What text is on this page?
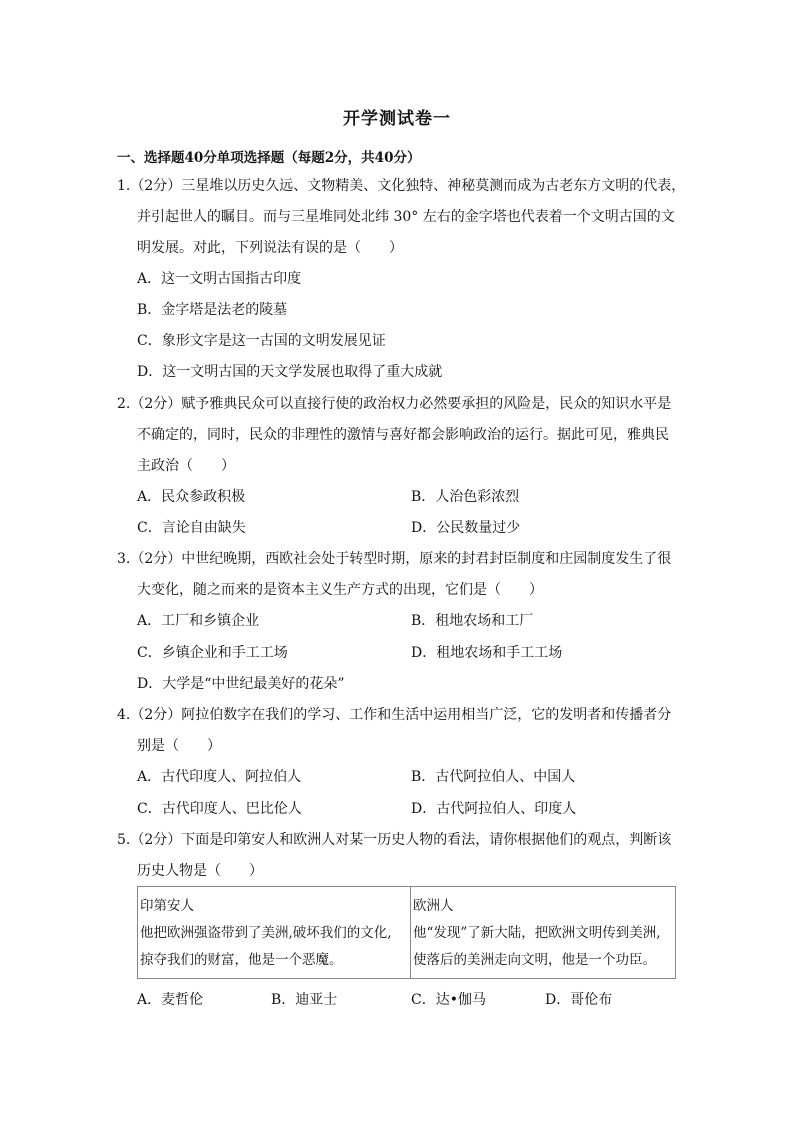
开学测试卷一
一、选择题40分单项选择题（每题2分，共40分）
1.（2分）三星堆以历史久远、文物精美、文化独特、神秘莫测而成为古老东方文明的代表，
并引起世人的瞩目。而与三星堆同处北纬 30° 左右的金字塔也代表着一个文明古国的文
明发展。对此，下列说法有误的是（　　）
A．这一文明古国指古印度
B．金字塔是法老的陵墓
C．象形文字是这一古国的文明发展见证
D．这一文明古国的天文学发展也取得了重大成就
2.（2分）赋予雅典民众可以直接行使的政治权力必然要承担的风险是，民众的知识水平是
不确定的，同时，民众的非理性的激情与喜好都会影响政治的运行。据此可见，雅典民
主政治（　　）
A．民众参政积极	B．人治色彩浓烈
C．言论自由缺失	D．公民数量过少
3.（2分）中世纪晚期，西欧社会处于转型时期，原来的封君封臣制度和庄园制度发生了很
大变化，随之而来的是资本主义生产方式的出现，它们是（　　）
A．工厂和乡镇企业	B．租地农场和工厂
C．乡镇企业和手工工场	D．租地农场和手工工场
D．大学是“中世纪最美好的花朵”
4.（2分）阿拉伯数字在我们的学习、工作和生活中运用相当广泛，它的发明者和传播者分
别是（　　）
A．古代印度人、阿拉伯人	B．古代阿拉伯人、中国人
C．古代印度人、巴比伦人	D．古代阿拉伯人、印度人
5.（2分）下面是印第安人和欧洲人对某一历史人物的看法，请你根据他们的观点，判断该
历史人物是（　　）
印第安人
他把欧洲强盗带到了美洲,破坏我们的文化,
掠夺我们的财富，他是一个恶魔。

欧洲人
他“发现”了新大陆，把欧洲文明传到美洲,
使落后的美洲走向文明，他是一个功臣。
A．麦哲伦	B．迪亚士	C．达•伽马	D．哥伦布
